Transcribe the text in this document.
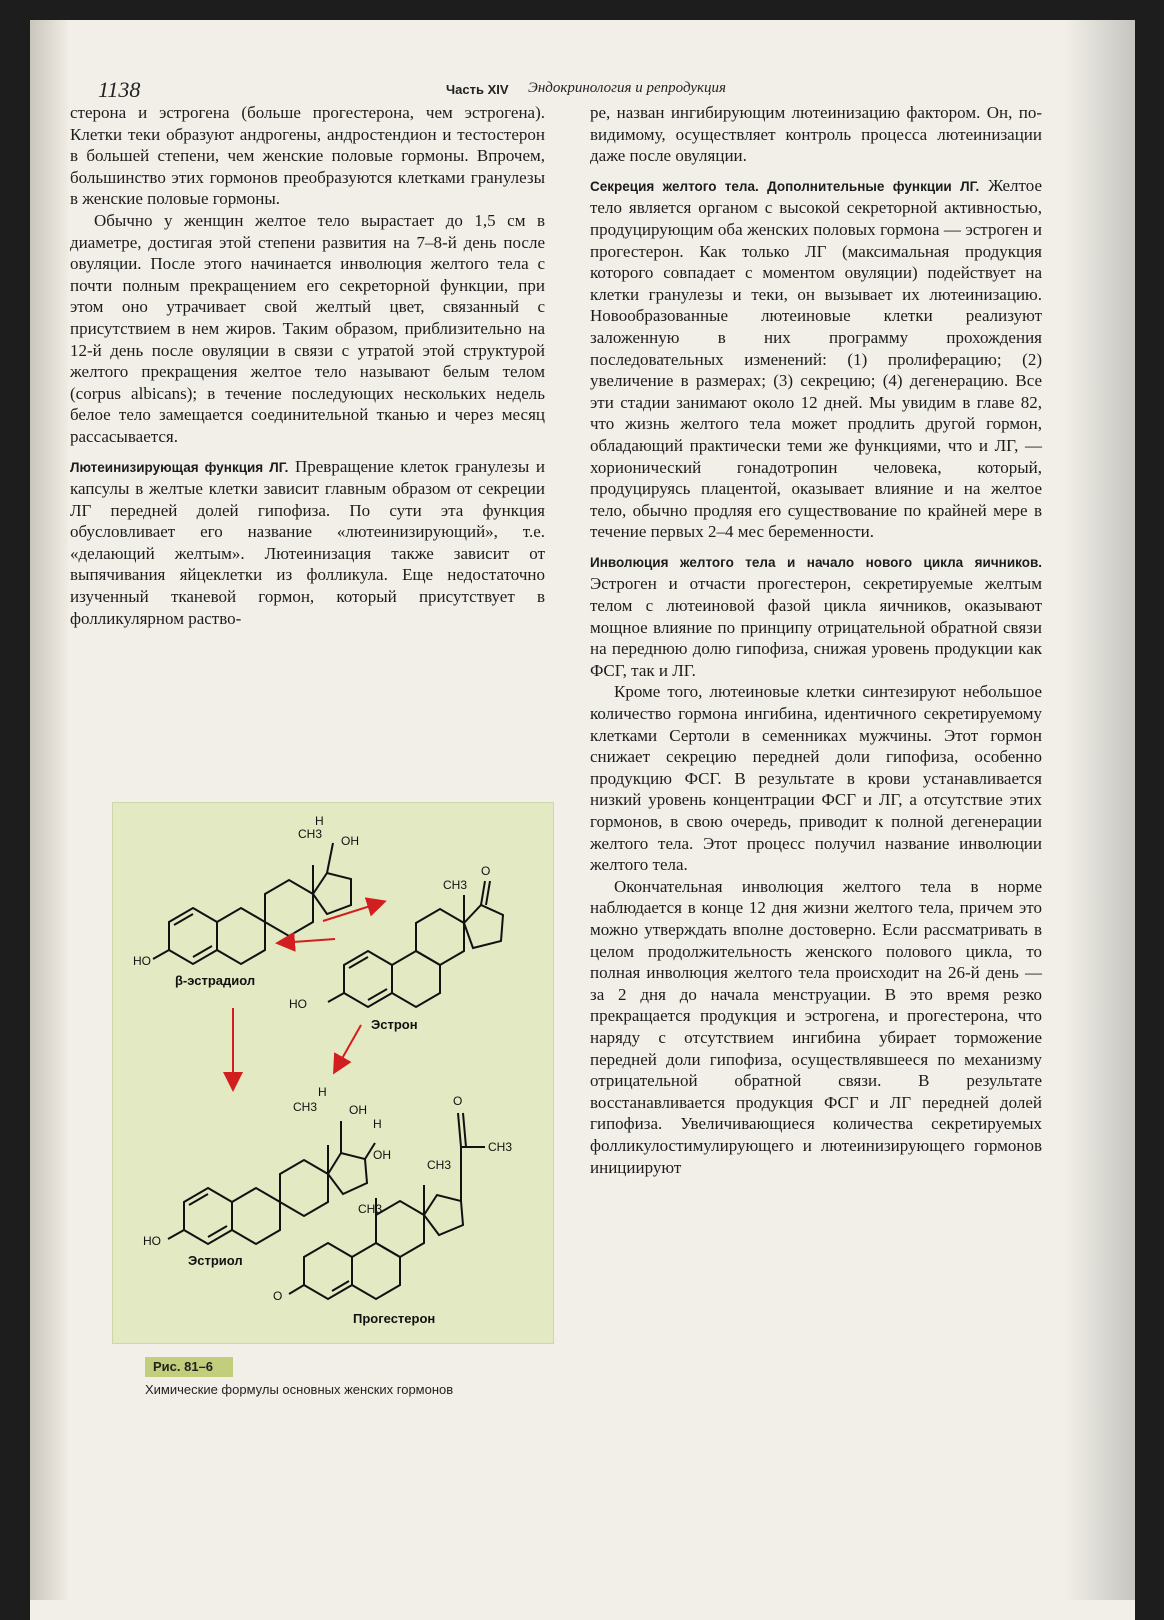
1138	Часть XIV Эндокринология и репродукция

стерона и эстрогена (больше прогестерона, чем эстрогена). Клетки теки образуют андрогены, андростендион и тестостерон в большей степени, чем женские половые гормоны. Впрочем, большинство этих гормонов преобразуются клетками гранулезы в женские половые гормоны.

Обычно у женщин желтое тело вырастает до 1,5 см в диаметре, достигая этой степени развития на 7–8-й день после овуляции. После этого начинается инволюция желтого тела с почти полным прекращением его секреторной функции, при этом оно утрачивает свой желтый цвет, связанный с присутствием в нем жиров. Таким образом, приблизительно на 12-й день после овуляции в связи с утратой этой структурой желтого прекращения желтое тело называют белым телом (corpus albicans); в течение последующих нескольких недель белое тело замещается соединительной тканью и через месяц рассасывается.

Лютеинизирующая функция ЛГ. Превращение клеток гранулезы и капсулы в желтые клетки зависит главным образом от секреции ЛГ передней долей гипофиза. По сути эта функция обусловливает его название «лютеинизирующий», т.е. «делающий желтым». Лютеинизация также зависит от выпячивания яйцеклетки из фолликула. Еще недостаточно изученный тканевой гормон, который присутствует в фолликулярном раство-

ре, назван ингибирующим лютеинизацию фактором. Он, по-видимому, осуществляет контроль процесса лютеинизации даже после овуляции.

Секреция желтого тела. Дополнительные функции ЛГ. Желтое тело является органом с высокой секреторной активностью, продуцирующим оба женских половых гормона — эстроген и прогестерон. Как только ЛГ (максимальная продукция которого совпадает с моментом овуляции) подействует на клетки гранулезы и теки, он вызывает их лютеинизацию. Новообразованные лютеиновые клетки реализуют заложенную в них программу прохождения последовательных изменений: (1) пролиферацию; (2) увеличение в размерах; (3) секрецию; (4) дегенерацию. Все эти стадии занимают около 12 дней. Мы увидим в главе 82, что жизнь желтого тела может продлить другой гормон, обладающий практически теми же функциями, что и ЛГ, — хорионический гонадотропин человека, который, продуцируясь плацентой, оказывает влияние и на желтое тело, обычно продляя его существование по крайней мере в течение первых 2–4 мес беременности.

Инволюция желтого тела и начало нового цикла яичников. Эстроген и отчасти прогестерон, секретируемые желтым телом с лютеиновой фазой цикла яичников, оказывают мощное влияние по принципу отрицательной обратной связи на переднюю долю гипофиза, снижая уровень продукции как ФСГ, так и ЛГ.

Кроме того, лютеиновые клетки синтезируют небольшое количество гормона ингибина, идентичного секретируемому клетками Сертоли в семенниках мужчины. Этот гормон снижает секрецию передней доли гипофиза, особенно продукцию ФСГ. В результате в крови устанавливается низкий уровень концентрации ФСГ и ЛГ, а отсутствие этих гормонов, в свою очередь, приводит к полной дегенерации желтого тела. Этот процесс получил название инволюции желтого тела.

Окончательная инволюция желтого тела в норме наблюдается в конце 12 дня жизни желтого тела, причем это можно утверждать вполне достоверно. Если рассматривать в целом продолжительность женского полового цикла, то полная инволюция желтого тела происходит на 26-й день — за 2 дня до начала менструации. В это время резко прекращается продукция и эстрогена, и прогестерона, что наряду с отсутствием ингибина убирает торможение передней доли гипофиза, осуществлявшееся по механизму отрицательной обратной связи. В результате восстанавливается продукция ФСГ и ЛГ передней долей гипофиза. Увеличивающиеся количества секретируемых фолликулостимулирующего и лютеинизирующего гормонов инициируют

H
CH3 OH
HO
β-эстрадиол
O
CH3
HO
Эстрон
H
CH3	OH
H
OH
HO
Эстриол
O
CH3
CH3
CH3
O
Прогестерон
Рис. 81–6
Химические формулы основных женских гормонов
